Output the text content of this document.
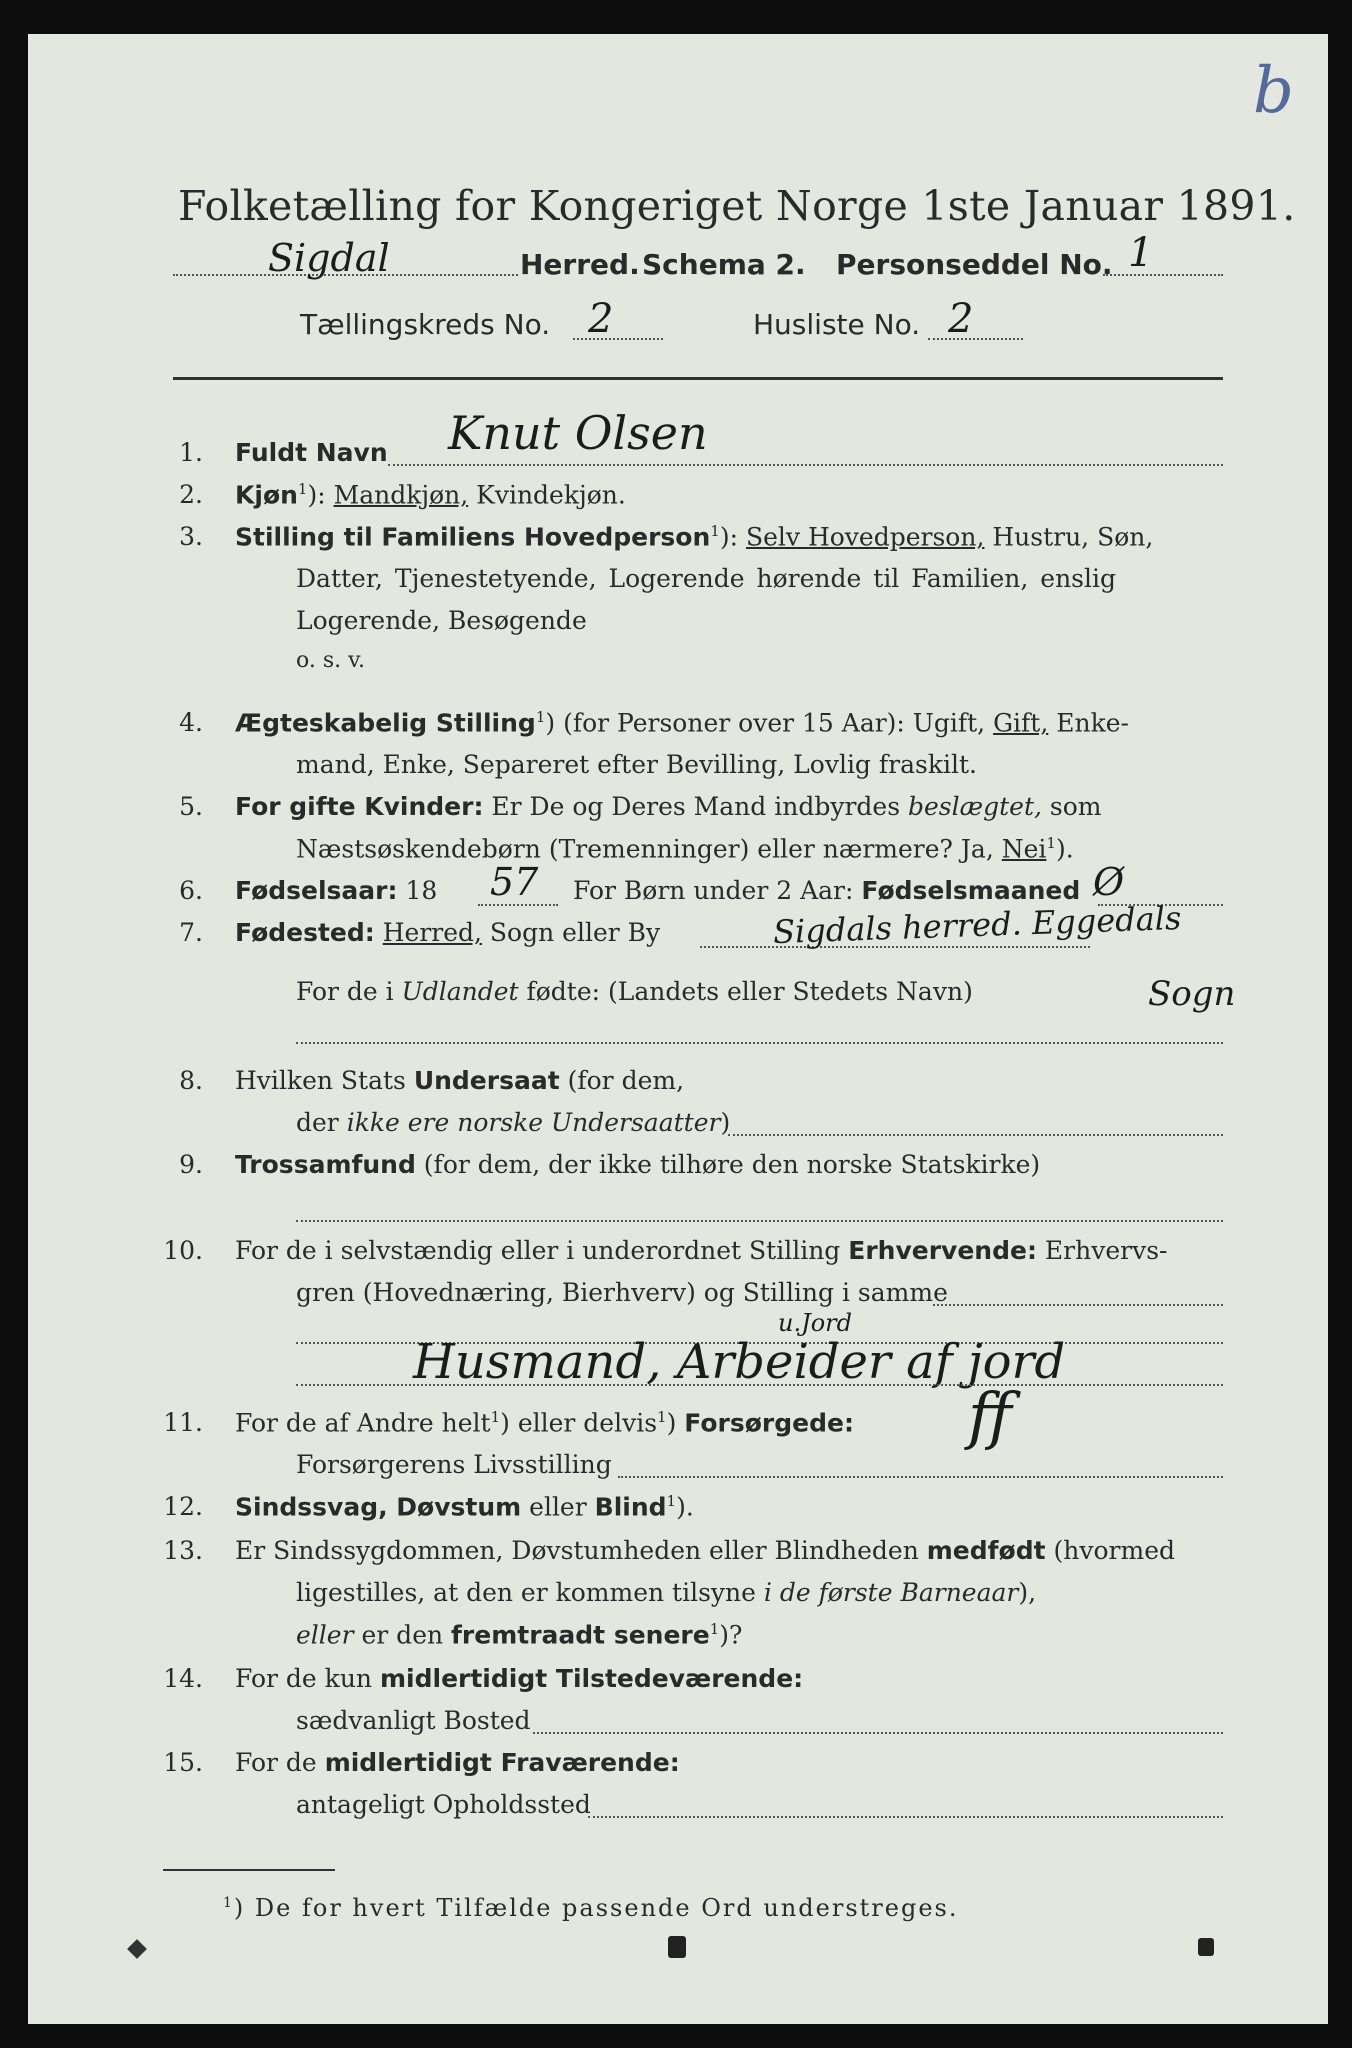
b
Folketælling for Kongeriget Norge 1ste Januar 1891.
Sigdal	Herred. Schema 2. Personseddel No. 1
Tællingskreds No. 2	Husliste No. 2
1. Fuldt Navn Knut Olsen
2. Kjøn$^1$): Mandkjøn, Kvindekjøn.
3. Stilling til Familiens Hovedperson$^1$): Selv Hovedperson, Hustru, Søn,
Datter, Tjenestetyende, Logerende hørende til Familien, enslig
Logerende, Besøgende
o. s. v.
4. Ægteskabelig Stilling$^1$) (for Personer over 15 Aar): Ugift, Gift, Enke-
mand, Enke, Separeret efter Bevilling, Lovlig fraskilt.
5. For gifte Kvinder: Er De og Deres Mand indbyrdes beslægtet, som
Næstsøskendebørn (Tremenninger) eller nærmere? Ja, Nei$^1$).
6. Fødselsaar: 18 57 For Børn under 2 Aar: Fødselsmaaned Ø
7. Fødested: Herred, Sogn eller By	Sigdals herred. Eggedals
For de i Udlandet fødte: (Landets eller Stedets Navn)	Sogn
8. Hvilken Stats Undersaat (for dem,
der ikke ere norske Undersaatter)
9. Trossamfund (for dem, der ikke tilhøre den norske Statskirke)
10. For de i selvstændig eller i underordnet Stilling Erhvervende: Erhvervs-
gren (Hovednæring, Bierhverv) og Stilling i samme
u.Jord
Husmand, Arbeider af jord
11. For de af Andre helt$^1$) eller delvis$^1$) Forsørgede: ff
Forsørgerens Livsstilling
12. Sindssvag, Døvstum eller Blind$^1$).
13. Er Sindssygdommen, Døvstumheden eller Blindheden medfødt (hvormed
ligestilles, at den er kommen tilsyne i de første Barneaar),
eller er den fremtraadt senere$^1$)?
14. For de kun midlertidigt Tilstedeværende:
sædvanligt Bosted
15. For de midlertidigt Fraværende:
antageligt Opholdssted
$^1$) De for hvert Tilfælde passende Ord understreges.
